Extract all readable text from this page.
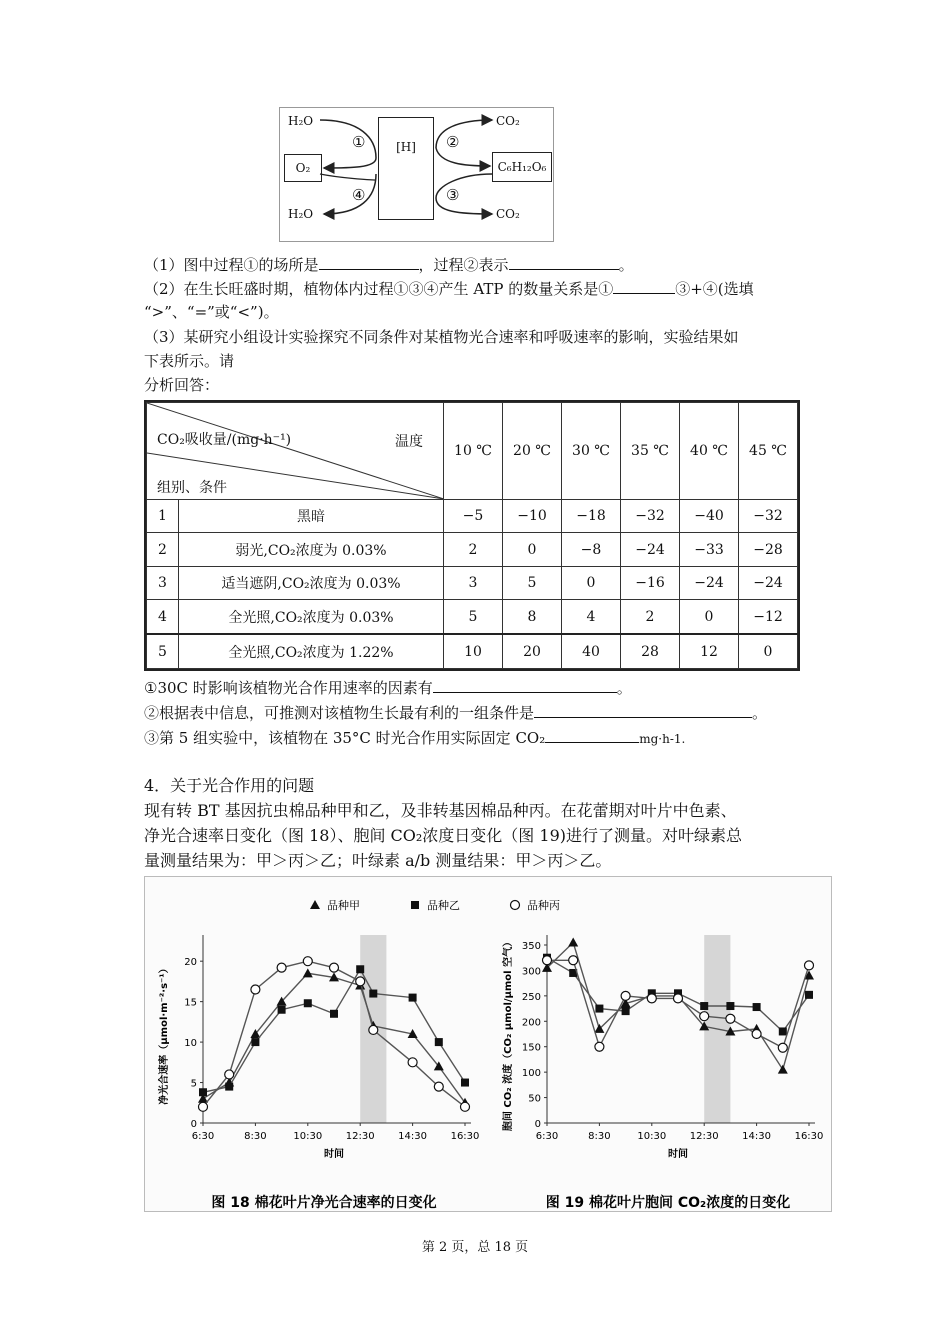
H₂O
O₂
H₂O
[H]
CO₂
C₆H₁₂O₆
CO₂
①	②
③
④
（1）图中过程①的场所是	，过程②表示	。
（2）在生长旺盛时期，植物体内过程①③④产生 ATP 的数量关系是①	③+④(选填
“>”、“=”或“<”)。
（3）某研究小组设计实验探究不同条件对某植物光合速率和呼吸速率的影响，实验结果如
下表所示。请
分析回答：
CO₂吸收量/(mg·h⁻¹) 温度
组别、条件		10 ℃	20 ℃	30 ℃	35 ℃	40 ℃	45 ℃
1	黑暗	−5	−10	−18	−32	−40	−32
2	弱光,CO₂浓度为 0.03%	2	0	−8	−24	−33	−28
3	适当遮阴,CO₂浓度为 0.03%	3	5	0	−16	−24	−24
4	全光照,CO₂浓度为 0.03%	5	8	4	2	0	−12
5	全光照,CO₂浓度为 1.22%	10	20	40	28	12	0
①30C 时影响该植物光合作用速率的因素有	。
②根据表中信息，可推测对该植物生长最有利的一组条件是	。
③第 5 组实验中，该植物在 35°C 时光合作用实际固定 CO₂	mg·h-1.
4．关于光合作用的问题
现有转 BT 基因抗虫棉品种甲和乙，及非转基因棉品种丙。在花蕾期对叶片中色素、
净光合速率日变化（图 18）、胞间 CO₂浓度日变化（图 19)进行了测量。对叶绿素总
量测量结果为：甲＞丙＞乙；叶绿素 a/b 测量结果：甲＞丙＞乙。
品种甲	品种乙	品种丙
0
5
10
15
20
6:30	8:30	10:30 12:30 14:30 16:30
时间
净光合速率（μmol·m⁻²·s⁻¹）
图 18 棉花叶片净光合速率的日变化
0
50
100
150
200
250
300
350
6:30	8:30	10:30 12:30 14:30 16:30
时间
胞间 CO₂ 浓度（CO₂ μmol/μmol 空气）
图 19 棉花叶片胞间 CO₂浓度的日变化
第 2 页，总 18 页
